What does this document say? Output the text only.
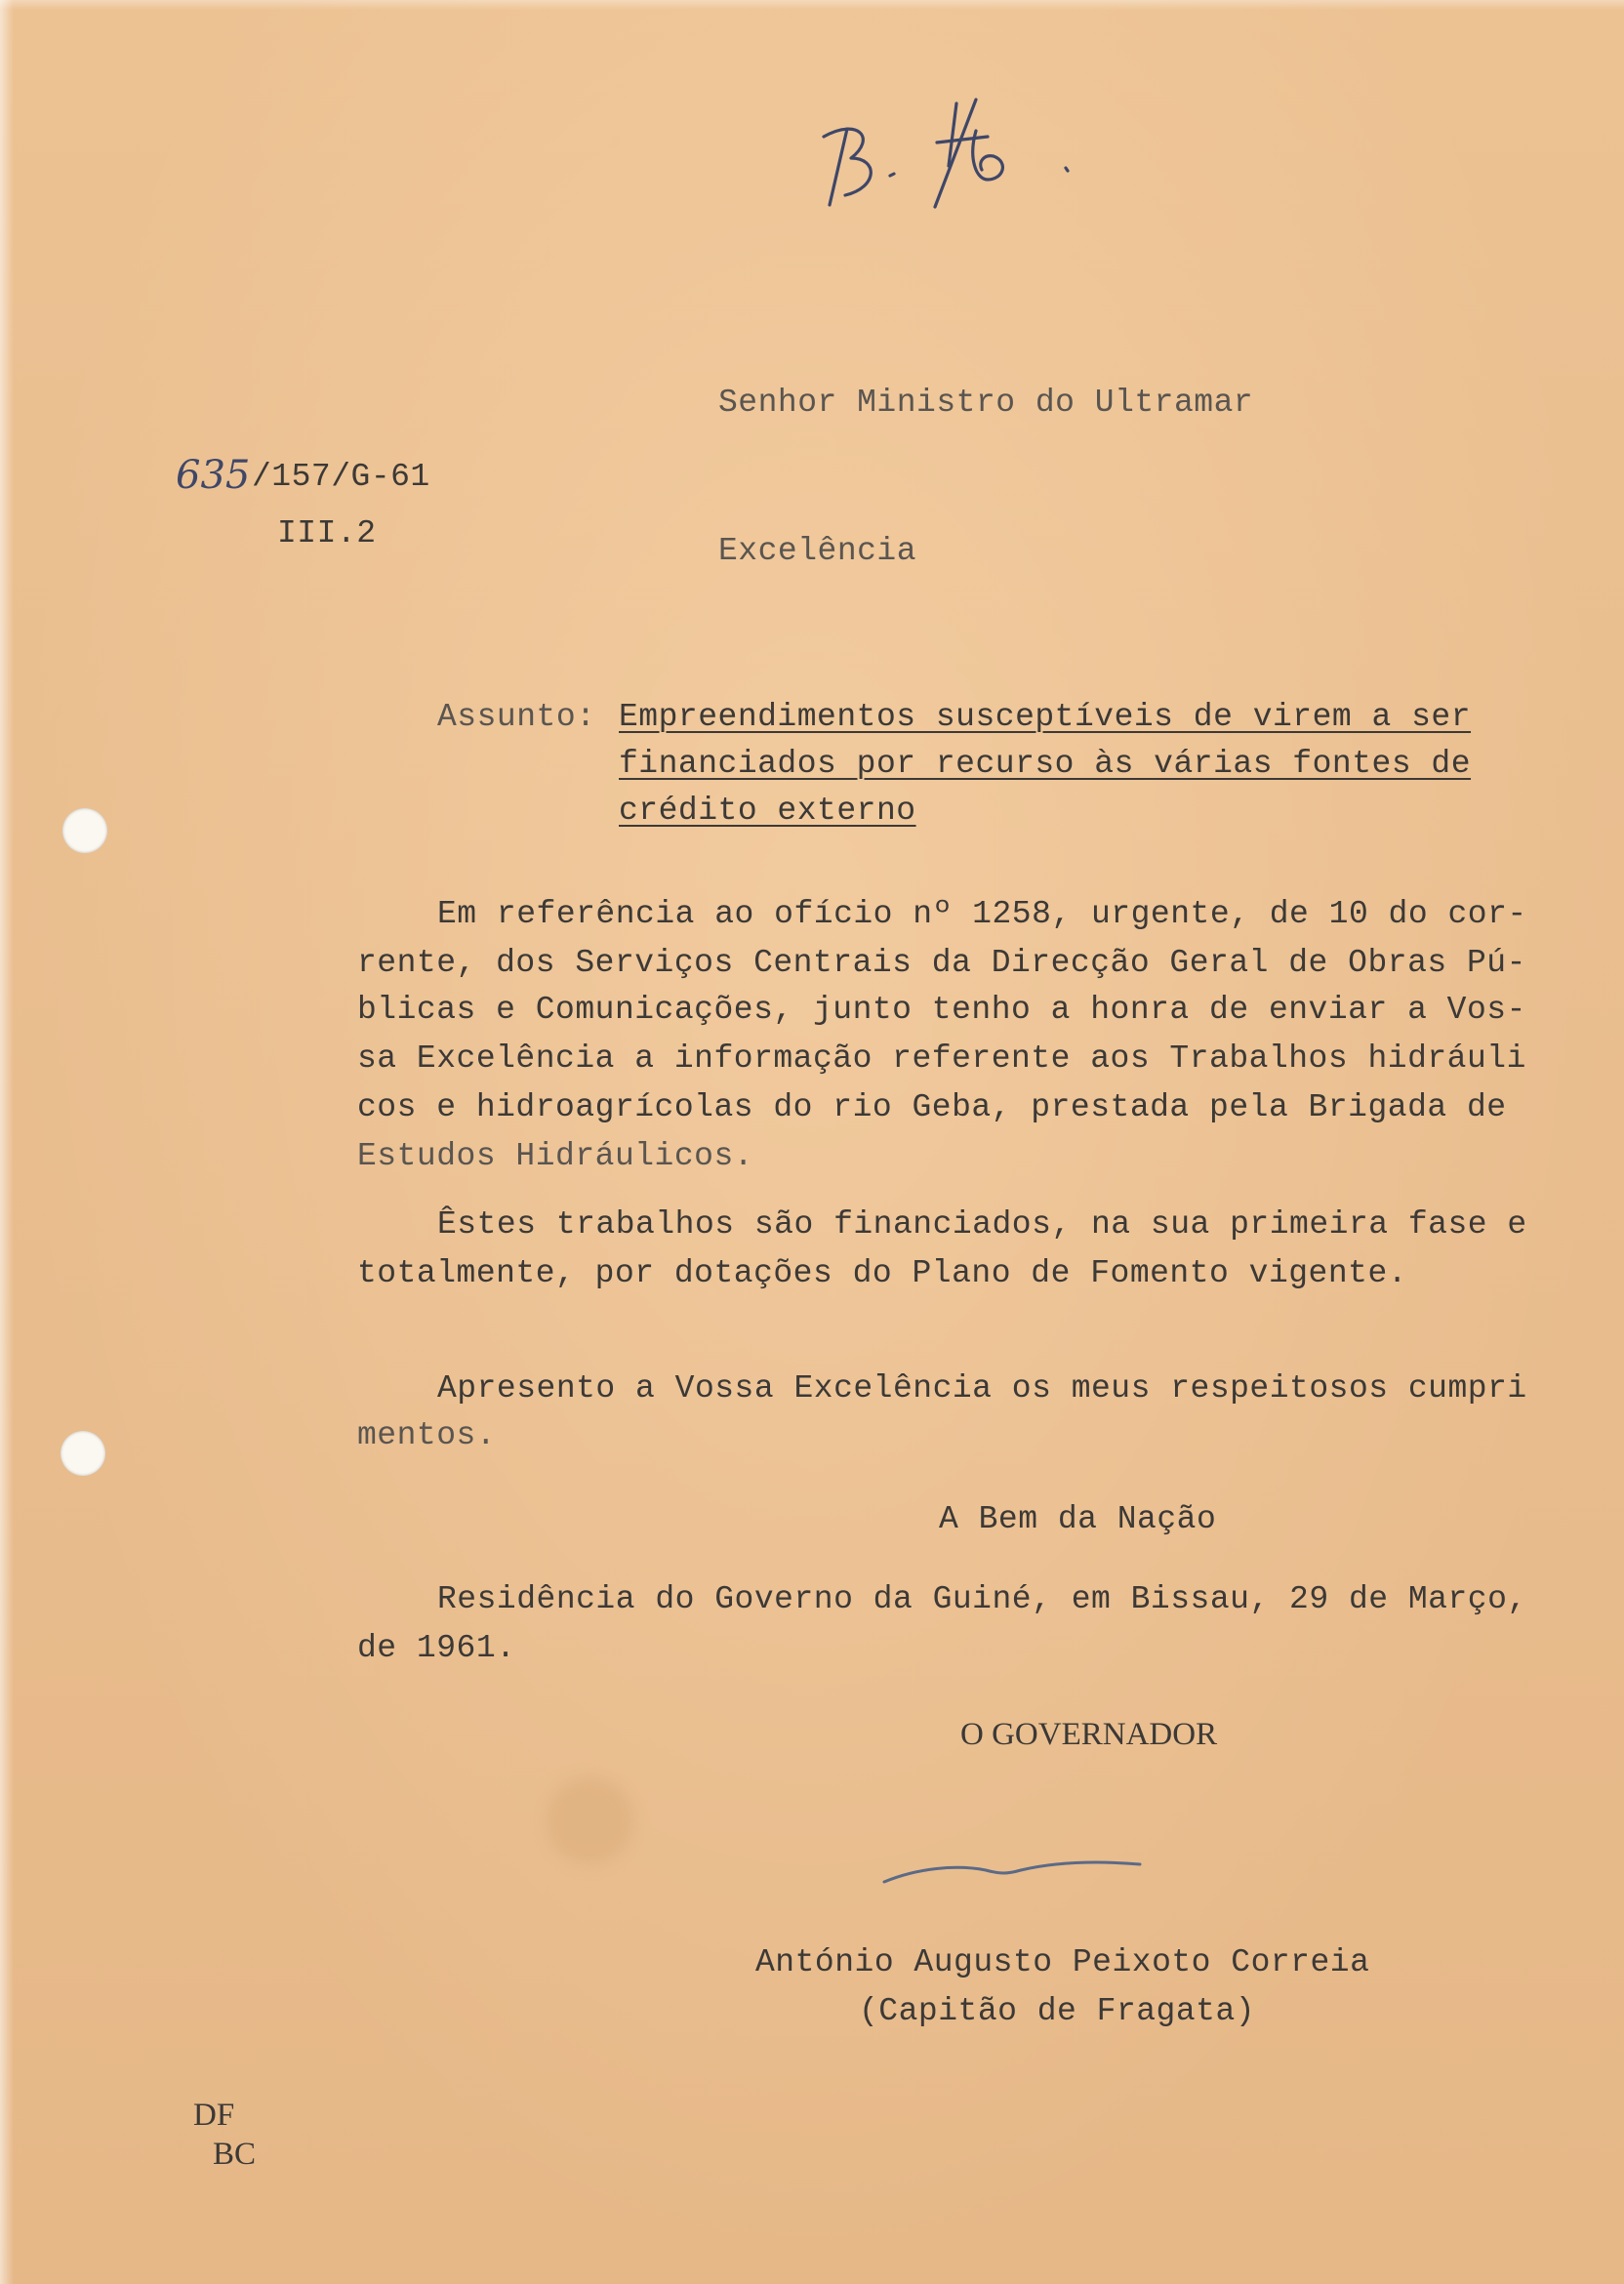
Senhor Ministro do Ultramar

635 /157/G-61

III.2	Excelência

Assunto: Empreendimentos susceptíveis de virem a ser

financiados por recurso às várias fontes de

crédito externo

Em referência ao ofício nº 1258, urgente, de 10 do cor-

rente, dos Serviços Centrais da Direcção Geral de Obras Pú-

blicas e Comunicações, junto tenho a honra de enviar a Vos-

sa Excelência a informação referente aos Trabalhos hidráuli

cos e hidroagrícolas do rio Geba, prestada pela Brigada de

Estudos Hidráulicos.

Êstes trabalhos são financiados, na sua primeira fase e

totalmente, por dotações do Plano de Fomento vigente.

Apresento a Vossa Excelência os meus respeitosos cumpri

mentos.

A Bem da Nação

Residência do Governo da Guiné, em Bissau, 29 de Março,

de 1961.

O GOVERNADOR

António Augusto Peixoto Correia

(Capitão de Fragata)

DF

BC
